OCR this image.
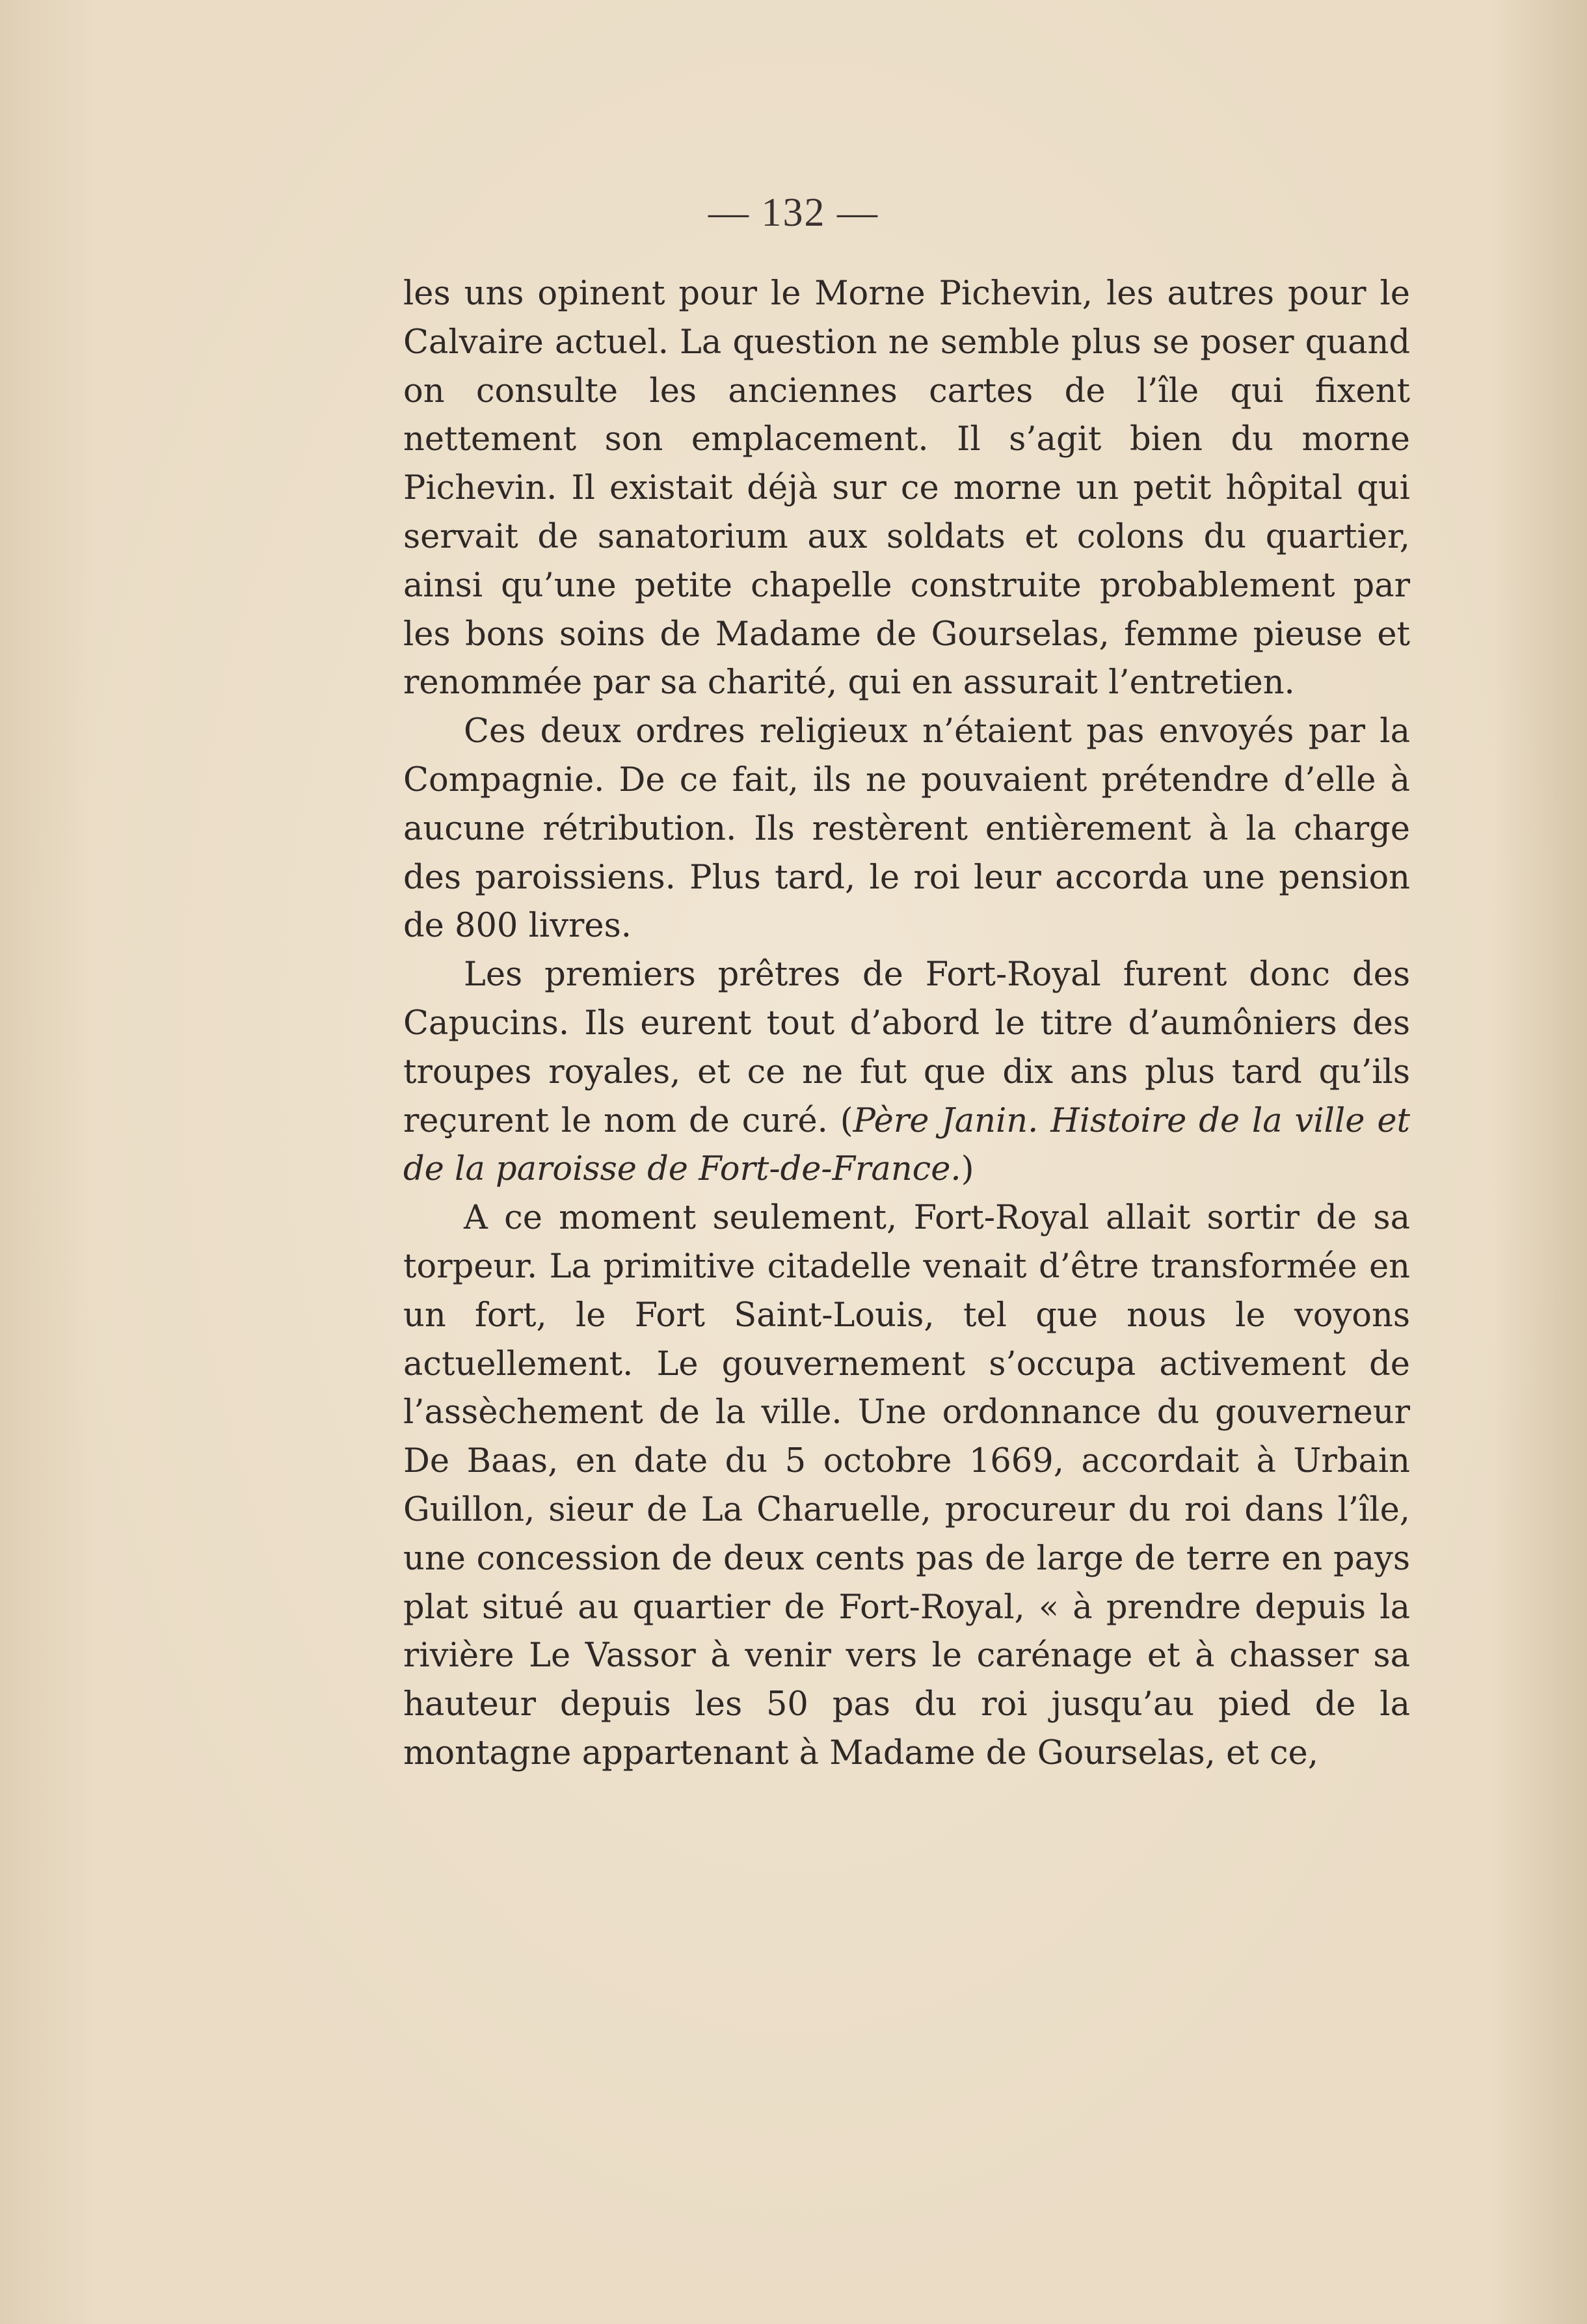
— 132 —

les uns opinent pour le Morne Pichevin, les autres pour le Calvaire actuel. La question ne semble plus se poser quand on consulte les anciennes cartes de l’île qui fixent nettement son emplacement. Il s’agit bien du morne Pichevin. Il existait déjà sur ce morne un petit hôpital qui servait de sanatorium aux soldats et colons du quartier, ainsi qu’une petite chapelle construite probablement par les bons soins de Madame de Gourselas, femme pieuse et renommée par sa charité, qui en assurait l’entretien.

Ces deux ordres religieux n’étaient pas envoyés par la Compagnie. De ce fait, ils ne pouvaient prétendre d’elle à aucune rétribution. Ils restèrent entièrement à la charge des paroissiens. Plus tard, le roi leur accorda une pension de 800 livres.

Les premiers prêtres de Fort-Royal furent donc des Capucins. Ils eurent tout d’abord le titre d’aumôniers des troupes royales, et ce ne fut que dix ans plus tard qu’ils reçurent le nom de curé. (Père Janin. Histoire de la ville et de la paroisse de Fort-de-France.)

A ce moment seulement, Fort-Royal allait sortir de sa torpeur. La primitive citadelle venait d’être transformée en un fort, le Fort Saint-Louis, tel que nous le voyons actuellement. Le gouvernement s’occupa activement de l’assèchement de la ville. Une ordonnance du gouverneur De Baas, en date du 5 octobre 1669, accordait à Urbain Guillon, sieur de La Charuelle, procureur du roi dans l’île, une concession de deux cents pas de large de terre en pays plat situé au quartier de Fort-Royal, « à prendre depuis la rivière Le Vassor à venir vers le carénage et à chasser sa hauteur depuis les 50 pas du roi jusqu’au pied de la montagne appartenant à Madame de Gourselas, et ce,
